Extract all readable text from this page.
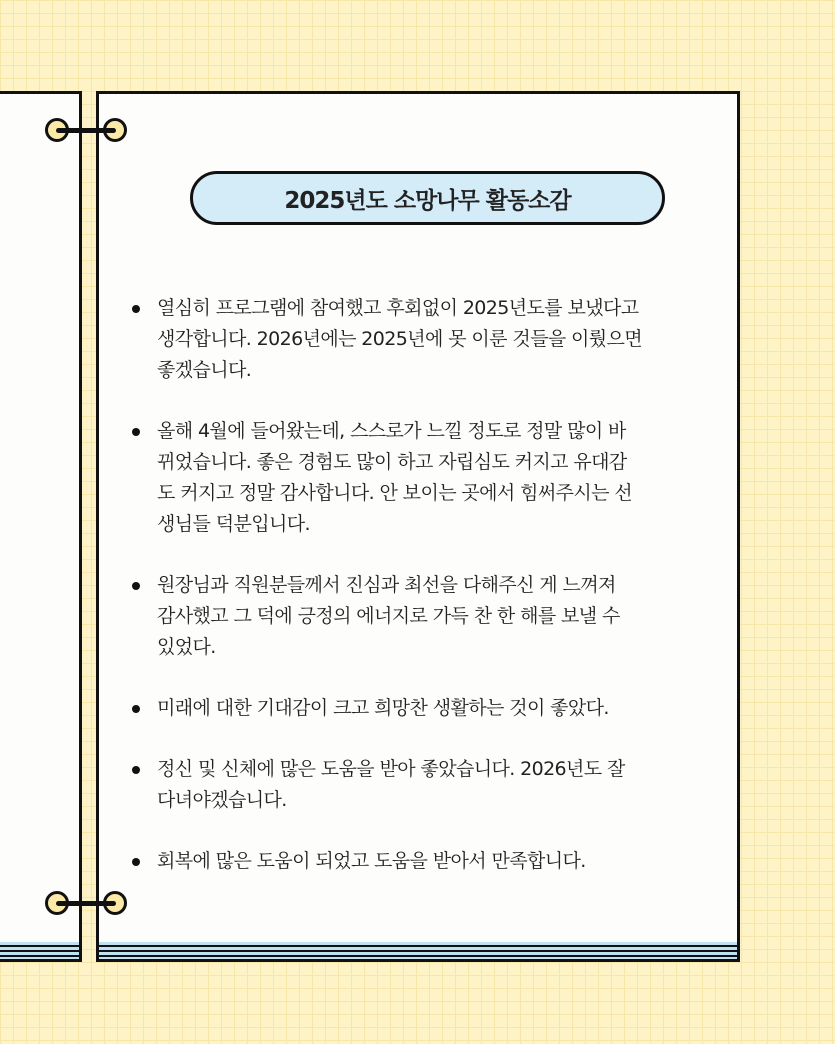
2025년도 소망나무 활동소감
열심히 프로그램에 참여했고 후회없이 2025년도를 보냈다고
생각합니다. 2026년에는 2025년에 못 이룬 것들을 이뤘으면
좋겠습니다.
올해 4월에 들어왔는데, 스스로가 느낄 정도로 정말 많이 바
뀌었습니다. 좋은 경험도 많이 하고 자립심도 커지고 유대감
도 커지고 정말 감사합니다. 안 보이는 곳에서 힘써주시는 선
생님들 덕분입니다.
원장님과 직원분들께서 진심과 최선을 다해주신 게 느껴져
감사했고 그 덕에 긍정의 에너지로 가득 찬 한 해를 보낼 수
있었다.
미래에 대한 기대감이 크고 희망찬 생활하는 것이 좋았다.
정신 및 신체에 많은 도움을 받아 좋았습니다. 2026년도 잘
다녀야겠습니다.
회복에 많은 도움이 되었고 도움을 받아서 만족합니다.
